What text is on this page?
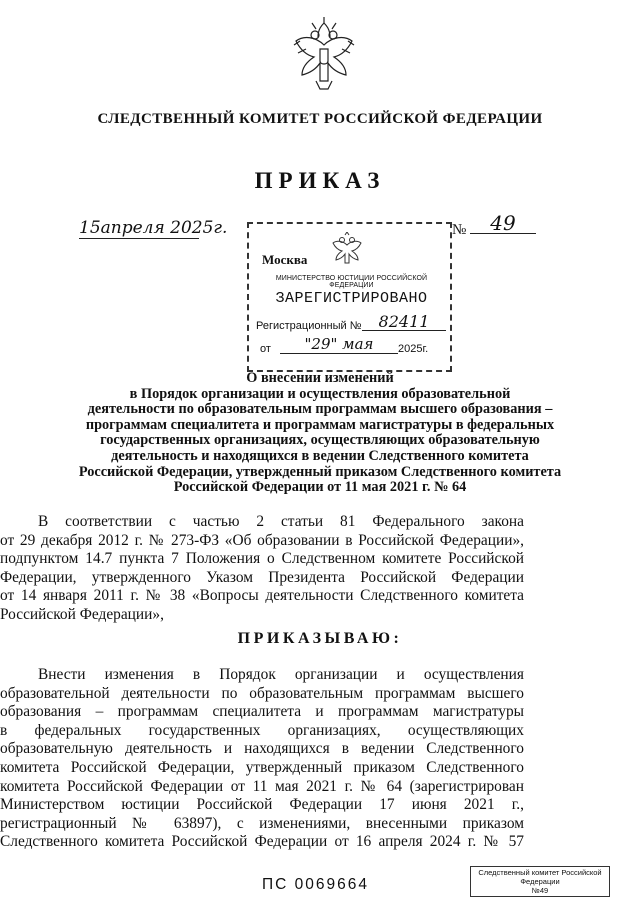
СЛЕДСТВЕННЫЙ КОМИТЕТ РОССИЙСКОЙ ФЕДЕРАЦИИ
ПРИКАЗ
15апреля 2025г.	№	49
Москва
МИНИСТЕРСТВО ЮСТИЦИИ РОССИЙСКОЙ ФЕДЕРАЦИИ
ЗАРЕГИСТРИРОВАНО
Регистрационный №	82411
от	"29" мая	2025г.
О внесении изменений
в Порядок организации и осуществления образовательной
деятельности по образовательным программам высшего образования –
программам специалитета и программам магистратуры в федеральных
государственных организациях, осуществляющих образовательную
деятельность и находящихся в ведении Следственного комитета
Российской Федерации, утвержденный приказом Следственного комитета
Российской Федерации от 11 мая 2021 г. № 64
В соответствии с частью 2 статьи 81 Федерального закона
от 29 декабря 2012 г. № 273-ФЗ «Об образовании в Российской Федерации»,
подпунктом 14.7 пункта 7 Положения о Следственном комитете Российской
Федерации, утвержденного Указом Президента Российской Федерации
от 14 января 2011 г. № 38 «Вопросы деятельности Следственного комитета
Российской Федерации»,
ПРИКАЗЫВАЮ:
Внести изменения в Порядок организации и осуществления
образовательной деятельности по образовательным программам высшего
образования – программам специалитета и программам магистратуры
в федеральных государственных организациях, осуществляющих
образовательную деятельность и находящихся в ведении Следственного
комитета Российской Федерации, утвержденный приказом Следственного
комитета Российской Федерации от 11 мая 2021 г. № 64 (зарегистрирован
Министерством юстиции Российской Федерации 17 июня 2021 г.,
регистрационный № 63897), с изменениями, внесенными приказом
Следственного комитета Российской Федерации от 16 апреля 2024 г. № 57
ПС 0069664
Следственный комитет Российской
Федерации
№49
